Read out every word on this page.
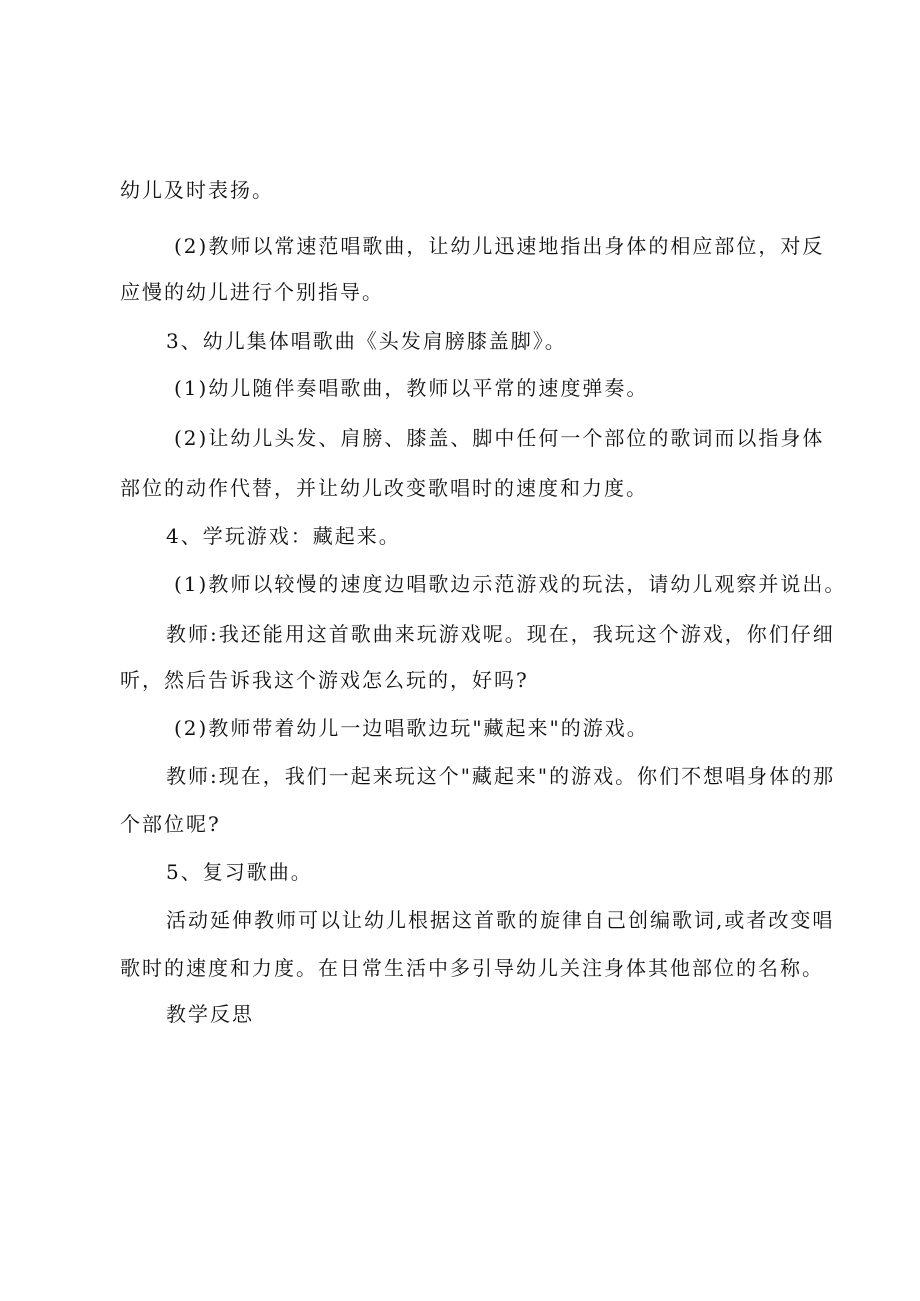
幼儿及时表扬。

(2)教师以常速范唱歌曲，让幼儿迅速地指出身体的相应部位，对反

应慢的幼儿进行个别指导。

3、幼儿集体唱歌曲《头发肩膀膝盖脚》。

(1)幼儿随伴奏唱歌曲，教师以平常的速度弹奏。

(2)让幼儿头发、肩膀、膝盖、脚中任何一个部位的歌词而以指身体

部位的动作代替，并让幼儿改变歌唱时的速度和力度。

4、学玩游戏：藏起来。

(1)教师以较慢的速度边唱歌边示范游戏的玩法，请幼儿观察并说出。

教师:我还能用这首歌曲来玩游戏呢。现在，我玩这个游戏，你们仔细

听，然后告诉我这个游戏怎么玩的，好吗?

(2)教师带着幼儿一边唱歌边玩"藏起来"的游戏。

教师:现在，我们一起来玩这个"藏起来"的游戏。你们不想唱身体的那

个部位呢?

5、复习歌曲。

活动延伸教师可以让幼儿根据这首歌的旋律自己创编歌词,或者改变唱

歌时的速度和力度。在日常生活中多引导幼儿关注身体其他部位的名称。

教学反思
